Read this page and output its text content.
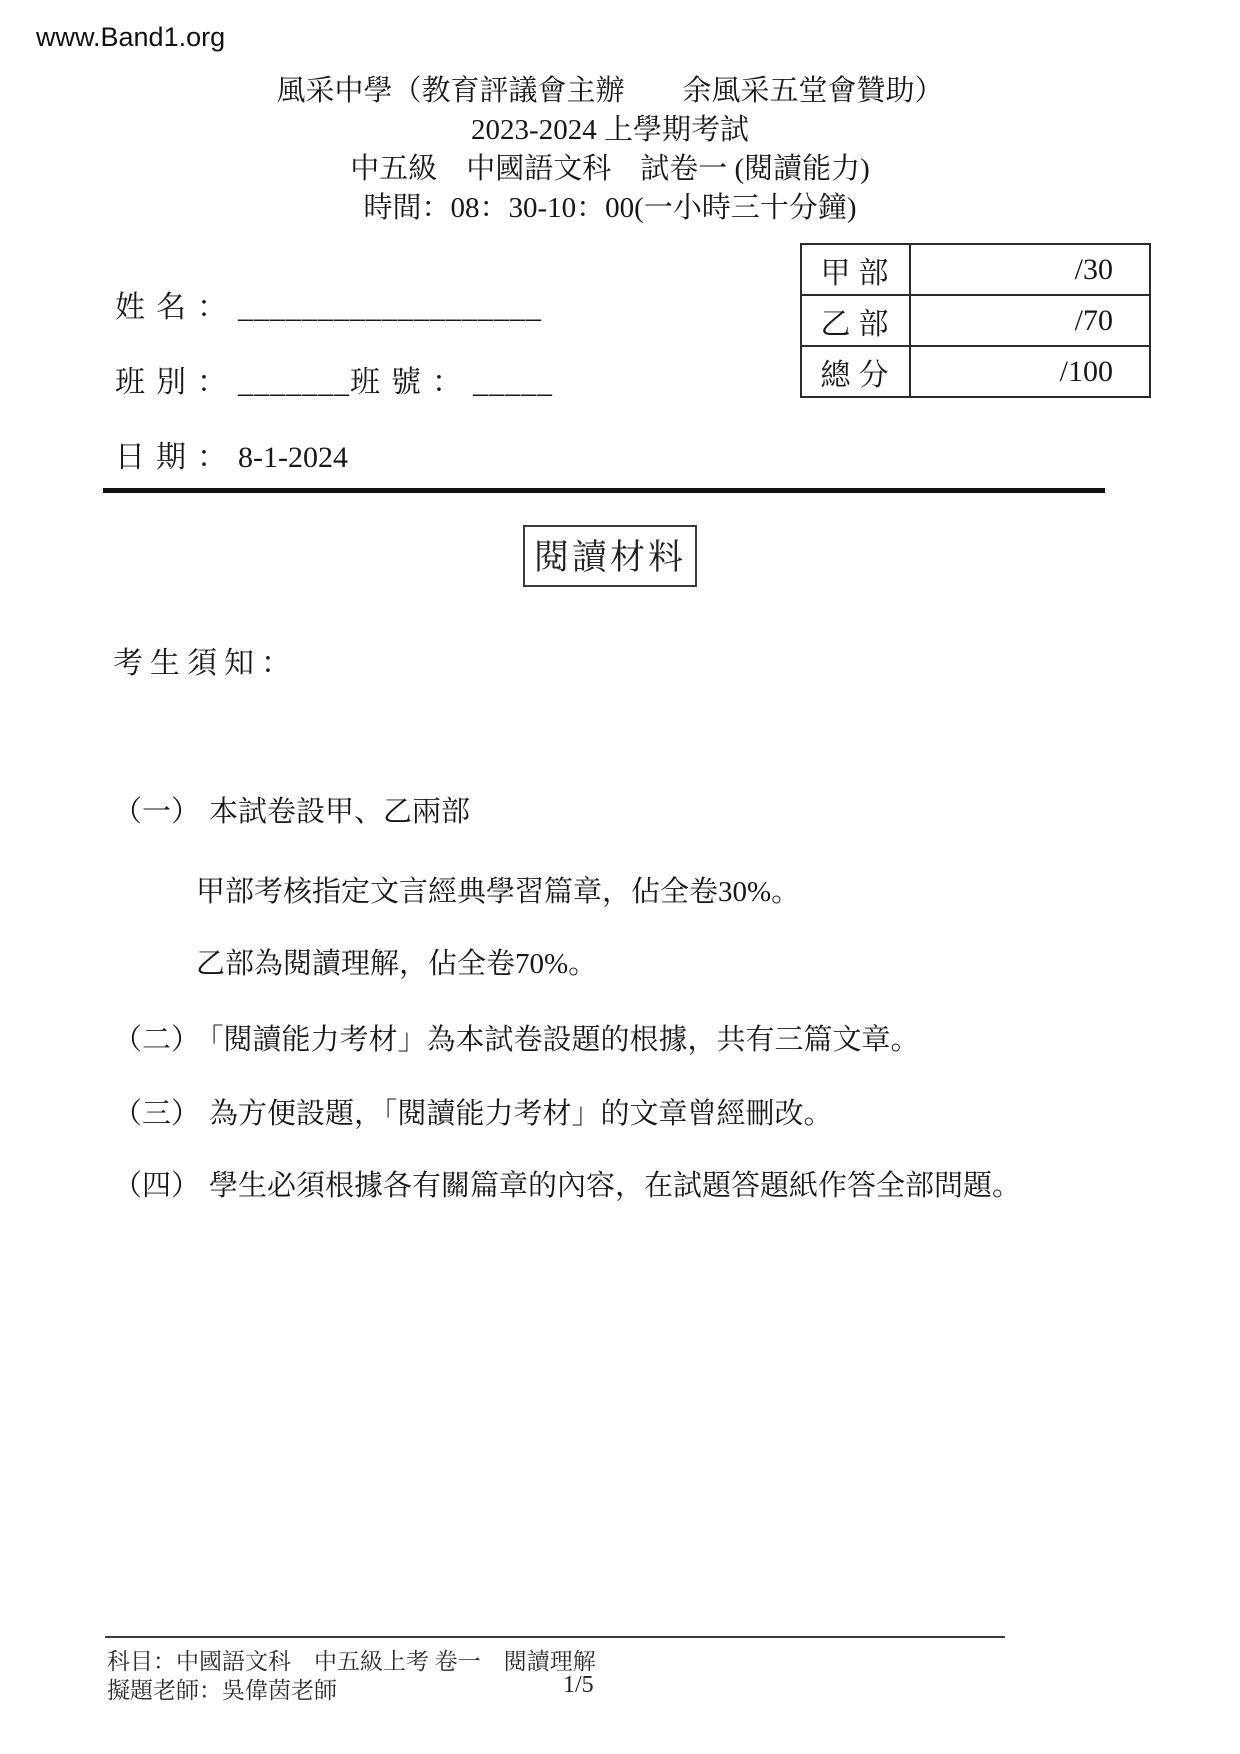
www.Band1.org
風采中學（教育評議會主辦　　余風采五堂會贊助）
2023-2024 上學期考試
中五級　中國語文科　試卷一 (閱讀能力)
時間：08：30-10：00(一小時三十分鐘)
甲部	/30
乙部	/70
總分	/100
姓名：___________________
班別：_______班號：_____
日期：8-1-2024
閱讀材料
考生須知：
（一） 本試卷設甲、乙兩部
甲部考核指定文言經典學習篇章，佔全卷30%。
乙部為閱讀理解，佔全卷70%。
（二） 「閱讀能力考材」為本試卷設題的根據，共有三篇文章。
（三） 為方便設題，「閱讀能力考材」的文章曾經刪改。
（四） 學生必須根據各有關篇章的內容，在試題答題紙作答全部問題。
科目：中國語文科　中五級上考 卷一　閱讀理解
擬題老師：吳偉茵老師	1/5
